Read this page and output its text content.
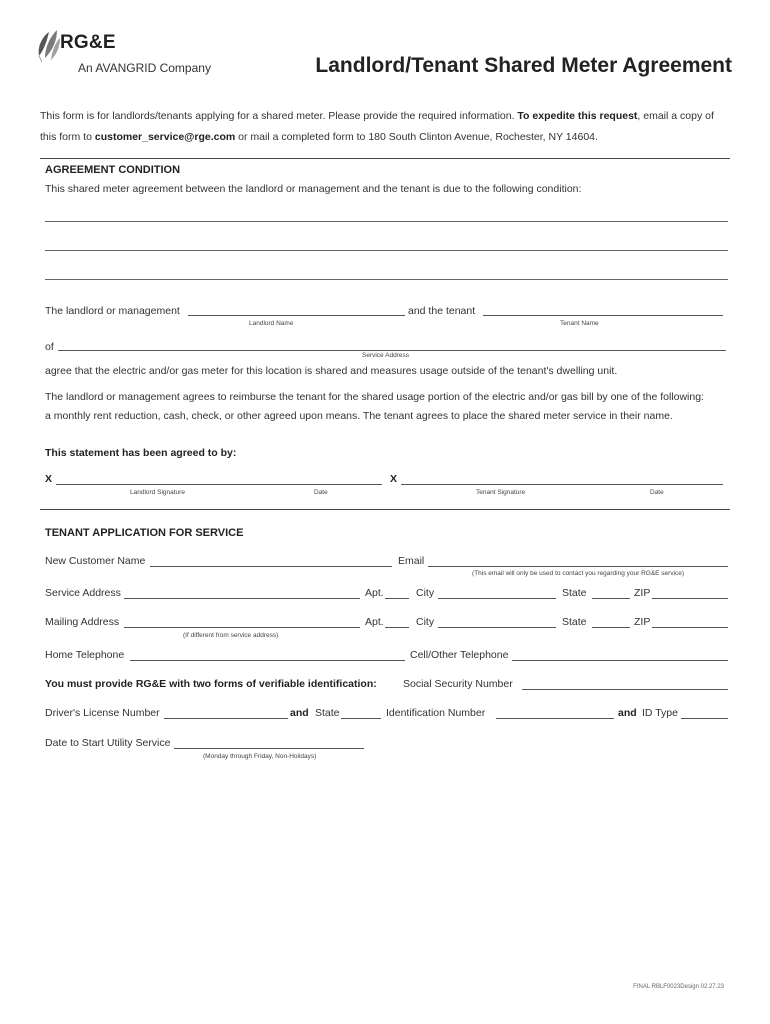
RG&E
An AVANGRID Company	Landlord/Tenant Shared Meter Agreement
This form is for landlords/tenants applying for a shared meter. Please provide the required information. To expedite this request, email a copy of this form to customer_service@rge.com or mail a completed form to 180 South Clinton Avenue, Rochester, NY 14604.
AGREEMENT CONDITION
This shared meter agreement between the landlord or management and the tenant is due to the following condition:
The landlord or management	and the tenant
Landlord Name	Tenant Name
of
Service Address
agree that the electric and/or gas meter for this location is shared and measures usage outside of the tenant's dwelling unit.
The landlord or management agrees to reimburse the tenant for the shared usage portion of the electric and/or gas bill by one of the following:
a monthly rent reduction, cash, check, or other agreed upon means. The tenant agrees to place the shared meter service in their name.
This statement has been agreed to by:
X	X
Landlord Signature	Date	Tenant Signature	Date
TENANT APPLICATION FOR SERVICE
New Customer Name	Email
(This email will only be used to contact you regarding your RG&E service)
Service Address	Apt.	City	State	ZIP
Mailing Address	Apt.	City	State	ZIP
(If different from service address)
Home Telephone	Cell/Other Telephone
You must provide RG&E with two forms of verifiable identification:	Social Security Number
Driver's License Number	and State	Identification Number	and ID Type
Date to Start Utility Service
(Monday through Friday, Non-Holidays)
FINAL RBLF0023Design 02.27.23
